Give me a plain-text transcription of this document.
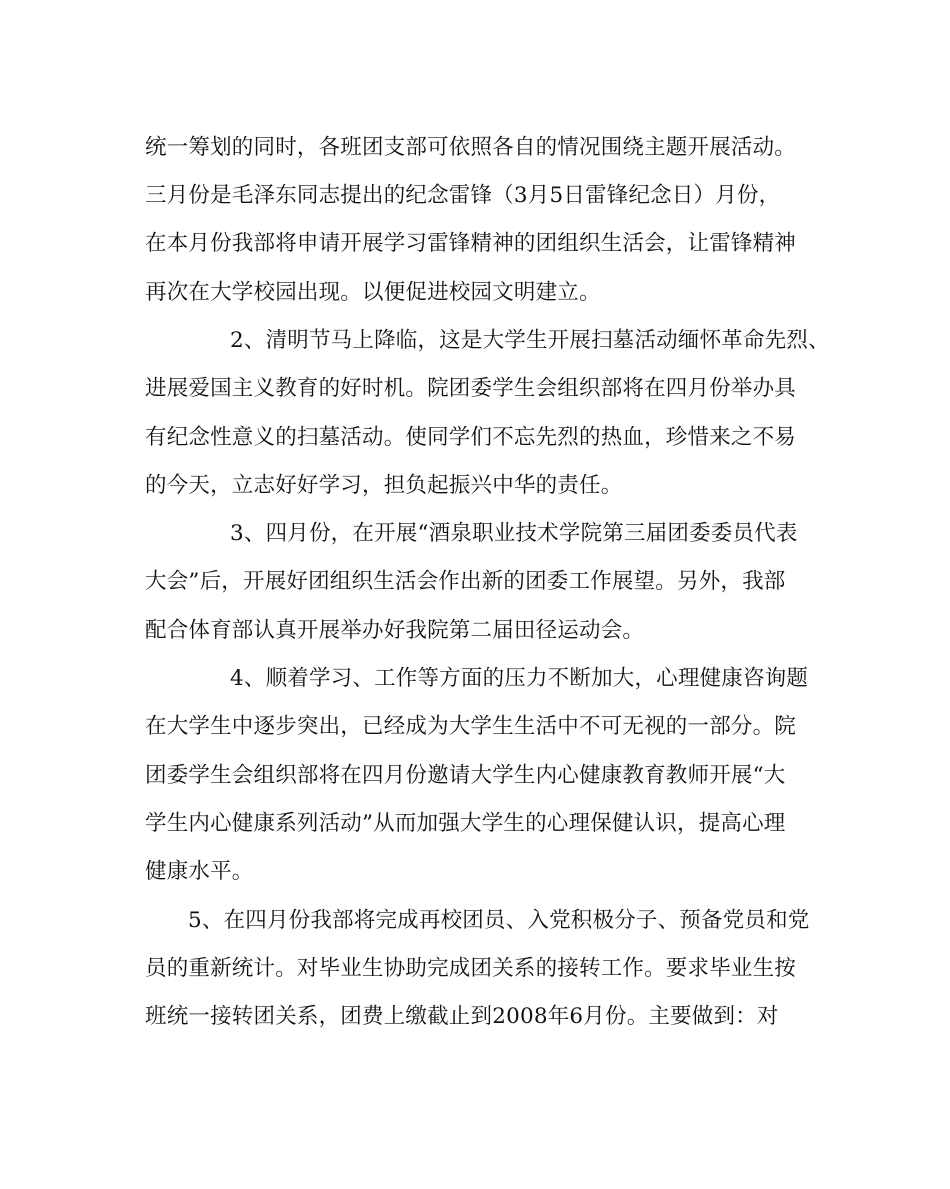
统一筹划的同时，各班团支部可依照各自的情况围绕主题开展活动。
三月份是毛泽东同志提出的纪念雷锋（3月5日雷锋纪念日）月份，
在本月份我部将申请开展学习雷锋精神的团组织生活会，让雷锋精神
再次在大学校园出现。以便促进校园文明建立。
2、清明节马上降临，这是大学生开展扫墓活动缅怀革命先烈、
进展爱国主义教育的好时机。院团委学生会组织部将在四月份举办具
有纪念性意义的扫墓活动。使同学们不忘先烈的热血，珍惜来之不易
的今天，立志好好学习，担负起振兴中华的责任。
3、四月份，在开展“酒泉职业技术学院第三届团委委员代表
大会”后，开展好团组织生活会作出新的团委工作展望。另外，我部
配合体育部认真开展举办好我院第二届田径运动会。
4、顺着学习、工作等方面的压力不断加大，心理健康咨询题
在大学生中逐步突出，已经成为大学生生活中不可无视的一部分。院
团委学生会组织部将在四月份邀请大学生内心健康教育教师开展“大
学生内心健康系列活动”从而加强大学生的心理保健认识，提高心理
健康水平。
5、在四月份我部将完成再校团员、入党积极分子、预备党员和党
员的重新统计。对毕业生协助完成团关系的接转工作。要求毕业生按
班统一接转团关系，团费上缴截止到2008年6月份。主要做到：对
